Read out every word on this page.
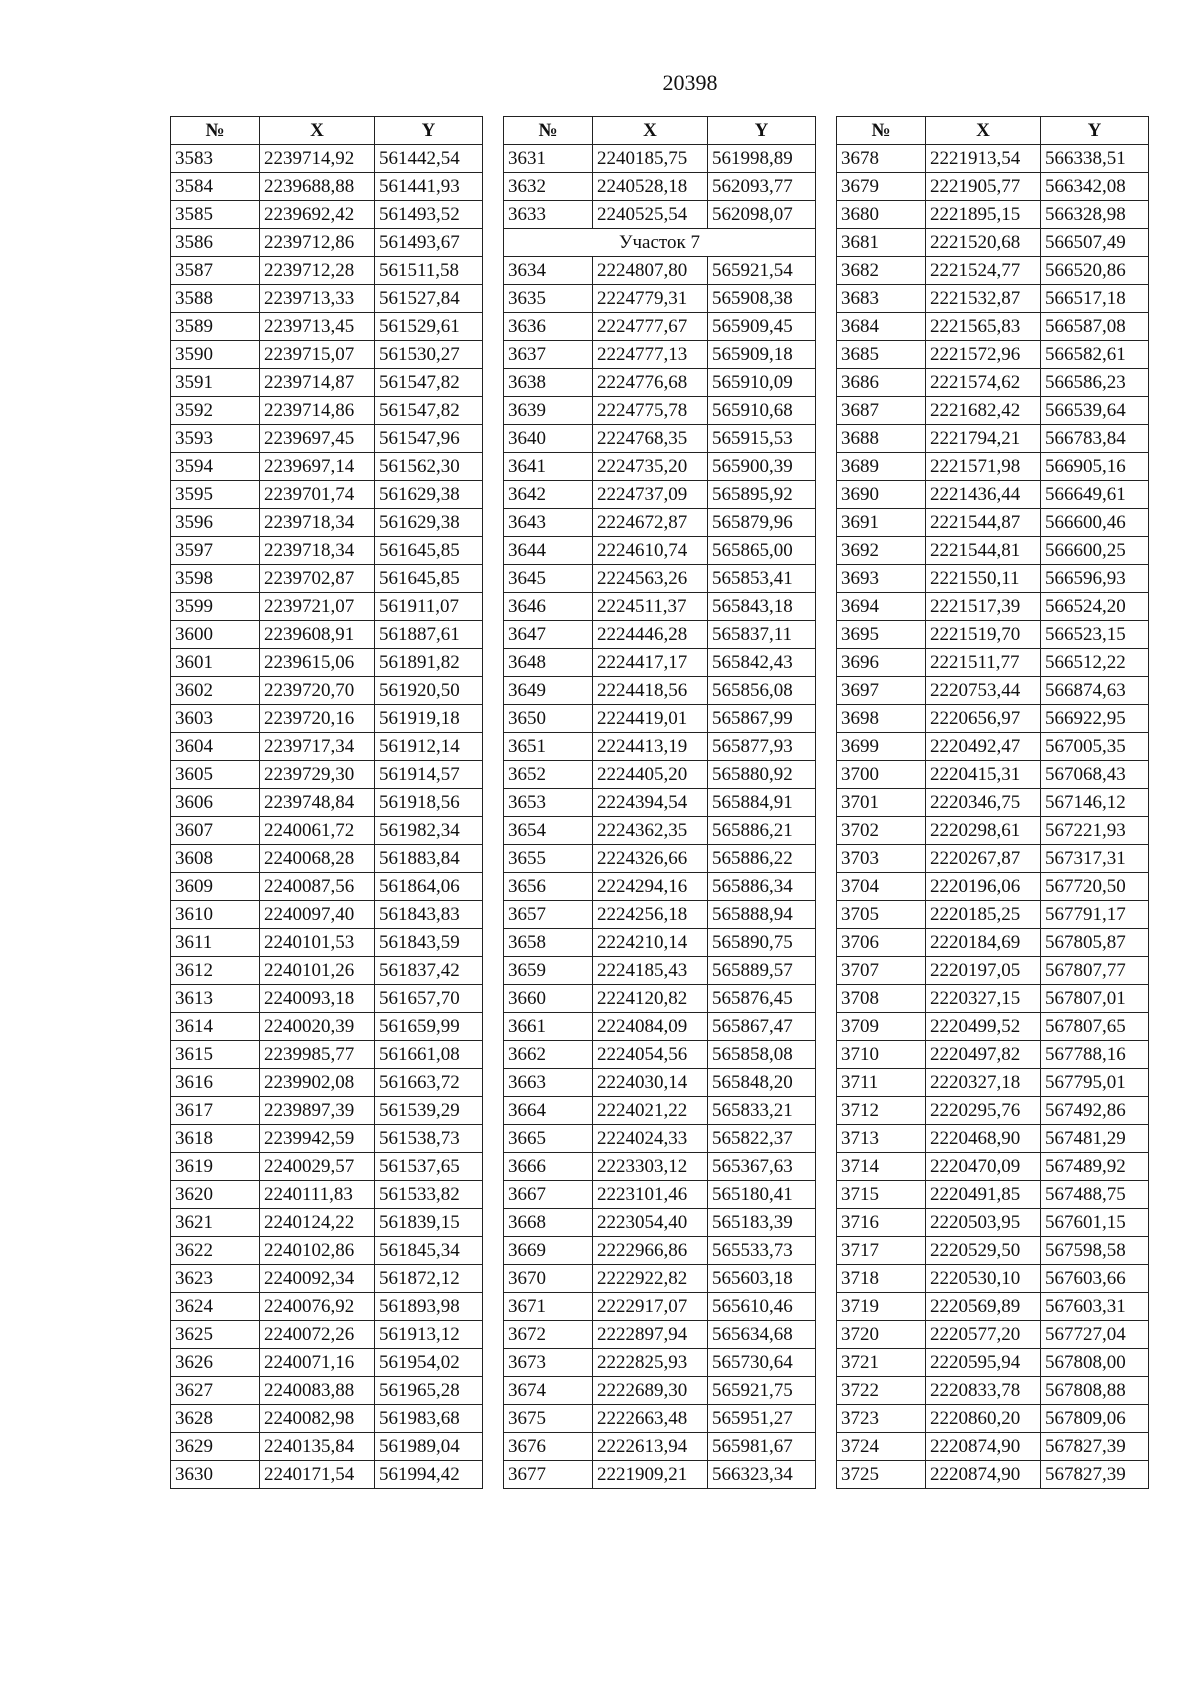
20398
№	X	Y
3583	2239714,92	561442,54
3584	2239688,88	561441,93
3585	2239692,42	561493,52
3586	2239712,86	561493,67
3587	2239712,28	561511,58
3588	2239713,33	561527,84
3589	2239713,45	561529,61
3590	2239715,07	561530,27
3591	2239714,87	561547,82
3592	2239714,86	561547,82
3593	2239697,45	561547,96
3594	2239697,14	561562,30
3595	2239701,74	561629,38
3596	2239718,34	561629,38
3597	2239718,34	561645,85
3598	2239702,87	561645,85
3599	2239721,07	561911,07
3600	2239608,91	561887,61
3601	2239615,06	561891,82
3602	2239720,70	561920,50
3603	2239720,16	561919,18
3604	2239717,34	561912,14
3605	2239729,30	561914,57
3606	2239748,84	561918,56
3607	2240061,72	561982,34
3608	2240068,28	561883,84
3609	2240087,56	561864,06
3610	2240097,40	561843,83
3611	2240101,53	561843,59
3612	2240101,26	561837,42
3613	2240093,18	561657,70
3614	2240020,39	561659,99
3615	2239985,77	561661,08
3616	2239902,08	561663,72
3617	2239897,39	561539,29
3618	2239942,59	561538,73
3619	2240029,57	561537,65
3620	2240111,83	561533,82
3621	2240124,22	561839,15
3622	2240102,86	561845,34
3623	2240092,34	561872,12
3624	2240076,92	561893,98
3625	2240072,26	561913,12
3626	2240071,16	561954,02
3627	2240083,88	561965,28
3628	2240082,98	561983,68
3629	2240135,84	561989,04
3630	2240171,54	561994,42
№	X	Y
3631	2240185,75	561998,89
3632	2240528,18	562093,77
3633	2240525,54	562098,07
Участок 7		
3634	2224807,80	565921,54
3635	2224779,31	565908,38
3636	2224777,67	565909,45
3637	2224777,13	565909,18
3638	2224776,68	565910,09
3639	2224775,78	565910,68
3640	2224768,35	565915,53
3641	2224735,20	565900,39
3642	2224737,09	565895,92
3643	2224672,87	565879,96
3644	2224610,74	565865,00
3645	2224563,26	565853,41
3646	2224511,37	565843,18
3647	2224446,28	565837,11
3648	2224417,17	565842,43
3649	2224418,56	565856,08
3650	2224419,01	565867,99
3651	2224413,19	565877,93
3652	2224405,20	565880,92
3653	2224394,54	565884,91
3654	2224362,35	565886,21
3655	2224326,66	565886,22
3656	2224294,16	565886,34
3657	2224256,18	565888,94
3658	2224210,14	565890,75
3659	2224185,43	565889,57
3660	2224120,82	565876,45
3661	2224084,09	565867,47
3662	2224054,56	565858,08
3663	2224030,14	565848,20
3664	2224021,22	565833,21
3665	2224024,33	565822,37
3666	2223303,12	565367,63
3667	2223101,46	565180,41
3668	2223054,40	565183,39
3669	2222966,86	565533,73
3670	2222922,82	565603,18
3671	2222917,07	565610,46
3672	2222897,94	565634,68
3673	2222825,93	565730,64
3674	2222689,30	565921,75
3675	2222663,48	565951,27
3676	2222613,94	565981,67
3677	2221909,21	566323,34
№	X	Y
3678	2221913,54	566338,51
3679	2221905,77	566342,08
3680	2221895,15	566328,98
3681	2221520,68	566507,49
3682	2221524,77	566520,86
3683	2221532,87	566517,18
3684	2221565,83	566587,08
3685	2221572,96	566582,61
3686	2221574,62	566586,23
3687	2221682,42	566539,64
3688	2221794,21	566783,84
3689	2221571,98	566905,16
3690	2221436,44	566649,61
3691	2221544,87	566600,46
3692	2221544,81	566600,25
3693	2221550,11	566596,93
3694	2221517,39	566524,20
3695	2221519,70	566523,15
3696	2221511,77	566512,22
3697	2220753,44	566874,63
3698	2220656,97	566922,95
3699	2220492,47	567005,35
3700	2220415,31	567068,43
3701	2220346,75	567146,12
3702	2220298,61	567221,93
3703	2220267,87	567317,31
3704	2220196,06	567720,50
3705	2220185,25	567791,17
3706	2220184,69	567805,87
3707	2220197,05	567807,77
3708	2220327,15	567807,01
3709	2220499,52	567807,65
3710	2220497,82	567788,16
3711	2220327,18	567795,01
3712	2220295,76	567492,86
3713	2220468,90	567481,29
3714	2220470,09	567489,92
3715	2220491,85	567488,75
3716	2220503,95	567601,15
3717	2220529,50	567598,58
3718	2220530,10	567603,66
3719	2220569,89	567603,31
3720	2220577,20	567727,04
3721	2220595,94	567808,00
3722	2220833,78	567808,88
3723	2220860,20	567809,06
3724	2220874,90	567827,39
3725	2220874,90	567827,39
